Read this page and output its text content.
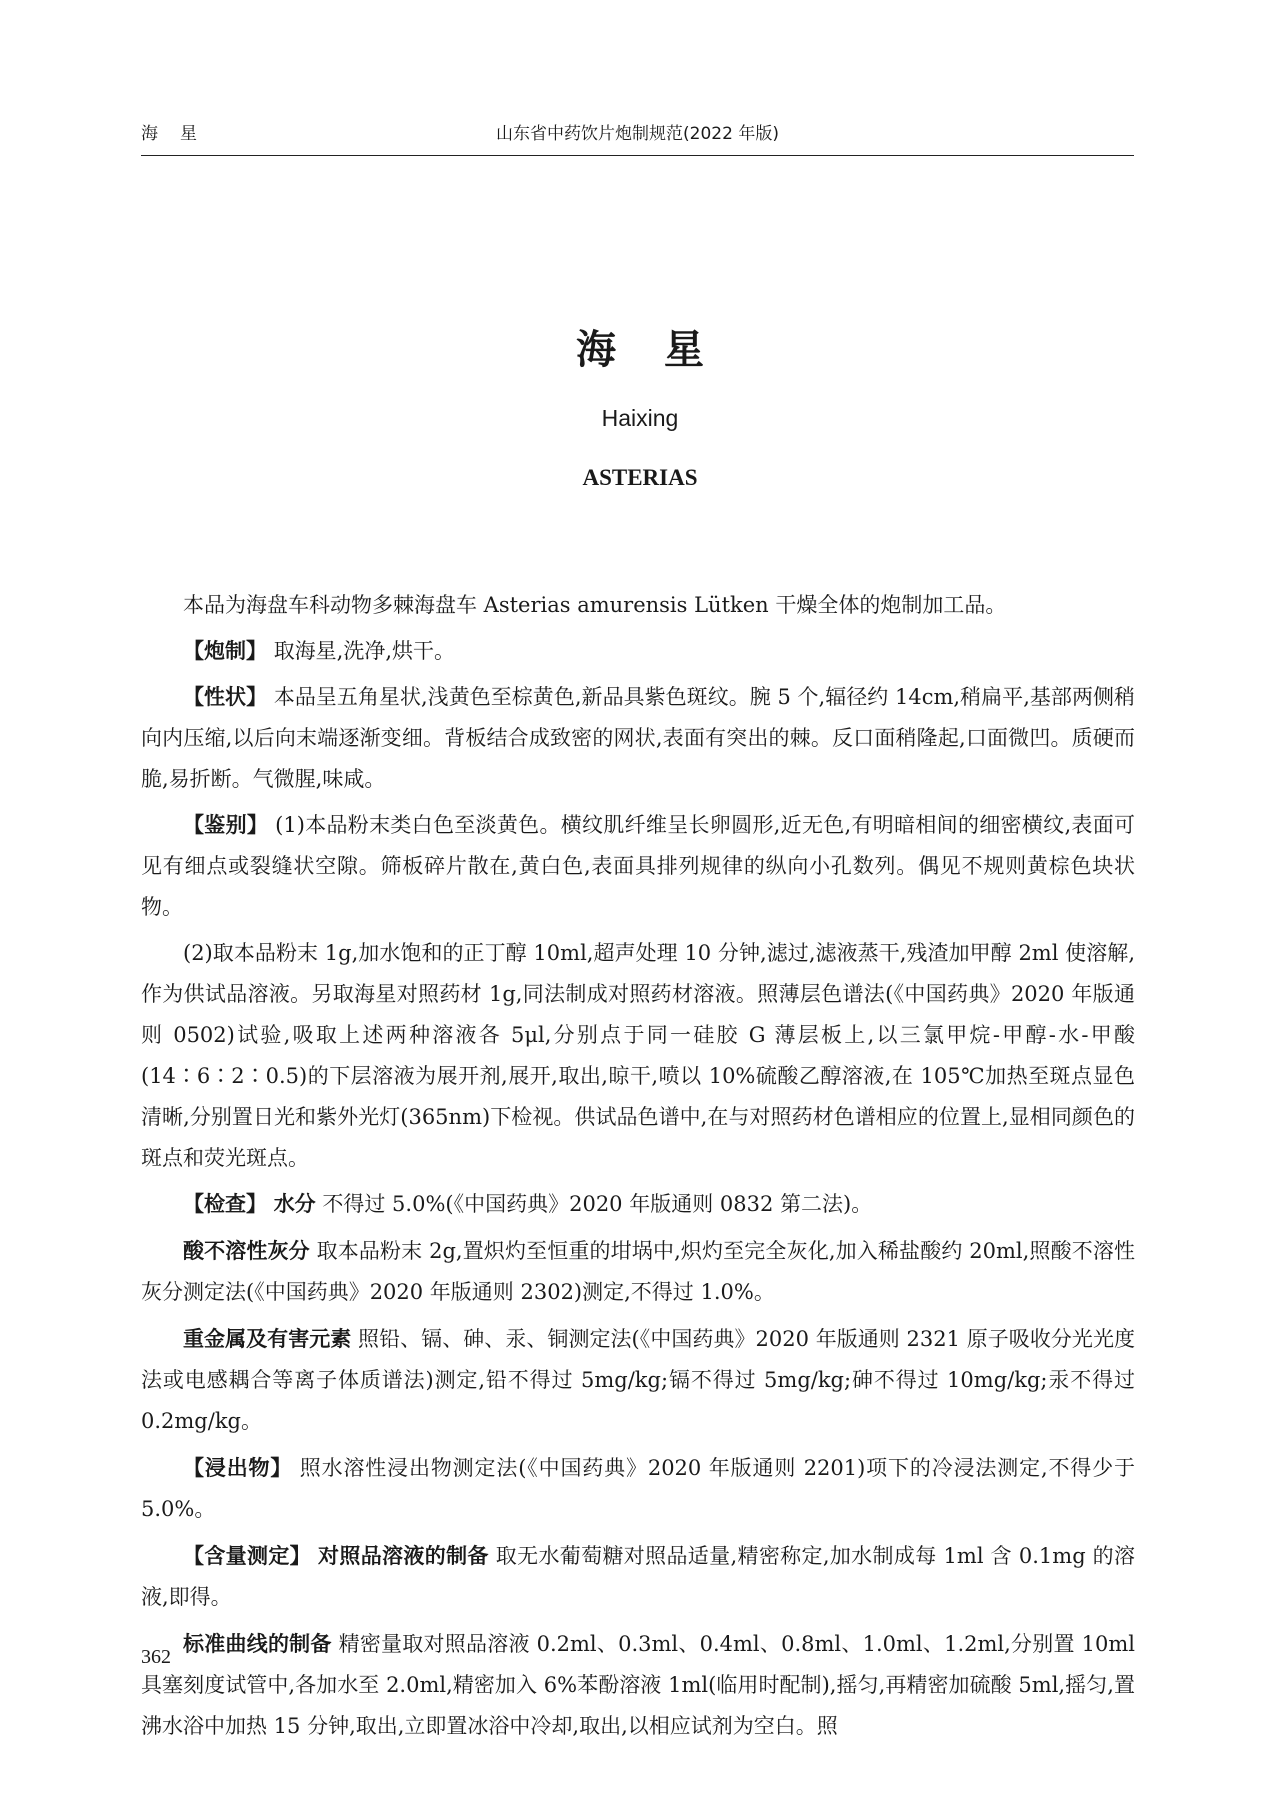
海星	山东省中药饮片炮制规范(2022 年版)
海星
Haixing
ASTERIAS

本品为海盘车科动物多棘海盘车 Asterias amurensis Lütken 干燥全体的炮制加工品。

【炮制】 取海星,洗净,烘干。

【性状】 本品呈五角星状,浅黄色至棕黄色,新品具紫色斑纹。腕 5 个,辐径约 14cm,稍扁平,基部两侧稍向内压缩,以后向末端逐渐变细。背板结合成致密的网状,表面有突出的棘。反口面稍隆起,口面微凹。质硬而脆,易折断。气微腥,味咸。

【鉴别】 (1)本品粉末类白色至淡黄色。横纹肌纤维呈长卵圆形,近无色,有明暗相间的细密横纹,表面可见有细点或裂缝状空隙。筛板碎片散在,黄白色,表面具排列规律的纵向小孔数列。偶见不规则黄棕色块状物。

(2)取本品粉末 1g,加水饱和的正丁醇 10ml,超声处理 10 分钟,滤过,滤液蒸干,残渣加甲醇 2ml 使溶解,作为供试品溶液。另取海星对照药材 1g,同法制成对照药材溶液。照薄层色谱法(《中国药典》2020 年版通则 0502)试验,吸取上述两种溶液各 5μl,分别点于同一硅胶 G 薄层板上,以三氯甲烷-甲醇-水-甲酸(14∶6∶2∶0.5)的下层溶液为展开剂,展开,取出,晾干,喷以 10%硫酸乙醇溶液,在 105℃加热至斑点显色清晰,分别置日光和紫外光灯(365nm)下检视。供试品色谱中,在与对照药材色谱相应的位置上,显相同颜色的斑点和荧光斑点。

【检查】 水分 不得过 5.0%(《中国药典》2020 年版通则 0832 第二法)。

酸不溶性灰分 取本品粉末 2g,置炽灼至恒重的坩埚中,炽灼至完全灰化,加入稀盐酸约 20ml,照酸不溶性灰分测定法(《中国药典》2020 年版通则 2302)测定,不得过 1.0%。

重金属及有害元素 照铅、镉、砷、汞、铜测定法(《中国药典》2020 年版通则 2321 原子吸收分光光度法或电感耦合等离子体质谱法)测定,铅不得过 5mg/kg;镉不得过 5mg/kg;砷不得过 10mg/kg;汞不得过 0.2mg/kg。

【浸出物】 照水溶性浸出物测定法(《中国药典》2020 年版通则 2201)项下的冷浸法测定,不得少于 5.0%。

【含量测定】 对照品溶液的制备 取无水葡萄糖对照品适量,精密称定,加水制成每 1ml 含 0.1mg 的溶液,即得。

标准曲线的制备 精密量取对照品溶液 0.2ml、0.3ml、0.4ml、0.8ml、1.0ml、1.2ml,分别置 10ml 具塞刻度试管中,各加水至 2.0ml,精密加入 6%苯酚溶液 1ml(临用时配制),摇匀,再精密加硫酸 5ml,摇匀,置沸水浴中加热 15 分钟,取出,立即置冰浴中冷却,取出,以相应试剂为空白。照

362
